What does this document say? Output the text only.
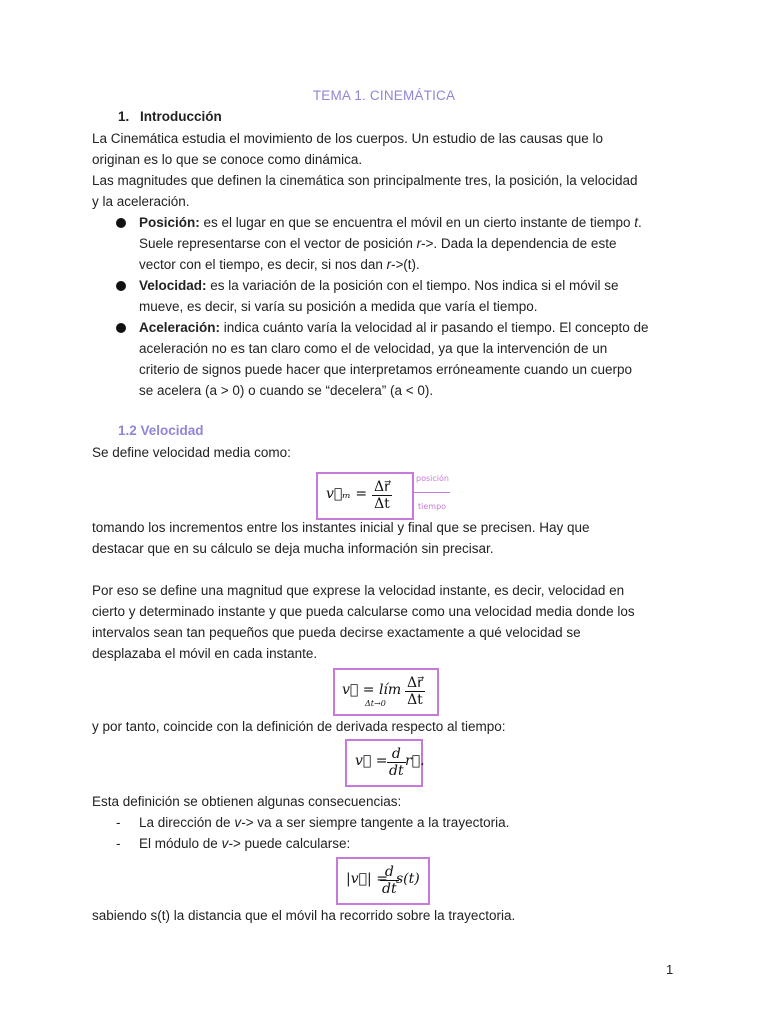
TEMA 1. CINEMÁTICA
1. Introducción
La Cinemática estudia el movimiento de los cuerpos. Un estudio de las causas que lo
originan es lo que se conoce como dinámica.
Las magnitudes que definen la cinemática son principalmente tres, la posición, la velocidad
y la aceleración.
Posición: es el lugar en que se encuentra el móvil en un cierto instante de tiempo t.
Suele representarse con el vector de posición r->. Dada la dependencia de este
vector con el tiempo, es decir, si nos dan r->(t).
Velocidad: es la variación de la posición con el tiempo. Nos indica si el móvil se
mueve, es decir, si varía su posición a medida que varía el tiempo.
Aceleración: indica cuánto varía la velocidad al ir pasando el tiempo. El concepto de
aceleración no es tan claro como el de velocidad, ya que la intervención de un
criterio de signos puede hacer que interpretamos erróneamente cuando un cuerpo
se acelera (a > 0) o cuando se “decelera” (a < 0).
1.2 Velocidad
Se define velocidad media como:
v⃗ₘ = $\frac{\Delta r⃗}{\Delta t}$
posición
tiempo
tomando los incrementos entre los instantes inicial y final que se precisen. Hay que
destacar que en su cálculo se deja mucha información sin precisar.
Por eso se define una magnitud que exprese la velocidad instante, es decir, velocidad en
cierto y determinado instante y que pueda calcularse como una velocidad media donde los
intervalos sean tan pequeños que pueda decirse exactamente a qué velocidad se
desplazaba el móvil en cada instante.
v⃗ = lím
$\Delta t\to 0 \frac{\Delta r⃗}{\Delta t}$
y por tanto, coincide con la definición de derivada respecto al tiempo:
v⃗ = $\frac{d}{dt}$ r⃗.
Esta definición se obtienen algunas consecuencias:
- La dirección de v-> va a ser siempre tangente a la trayectoria.
- El módulo de v-> puede calcularse:
|v⃗| =
$\frac{d}{dt}$
s(t)
sabiendo s(t) la distancia que el móvil ha recorrido sobre la trayectoria.
1
